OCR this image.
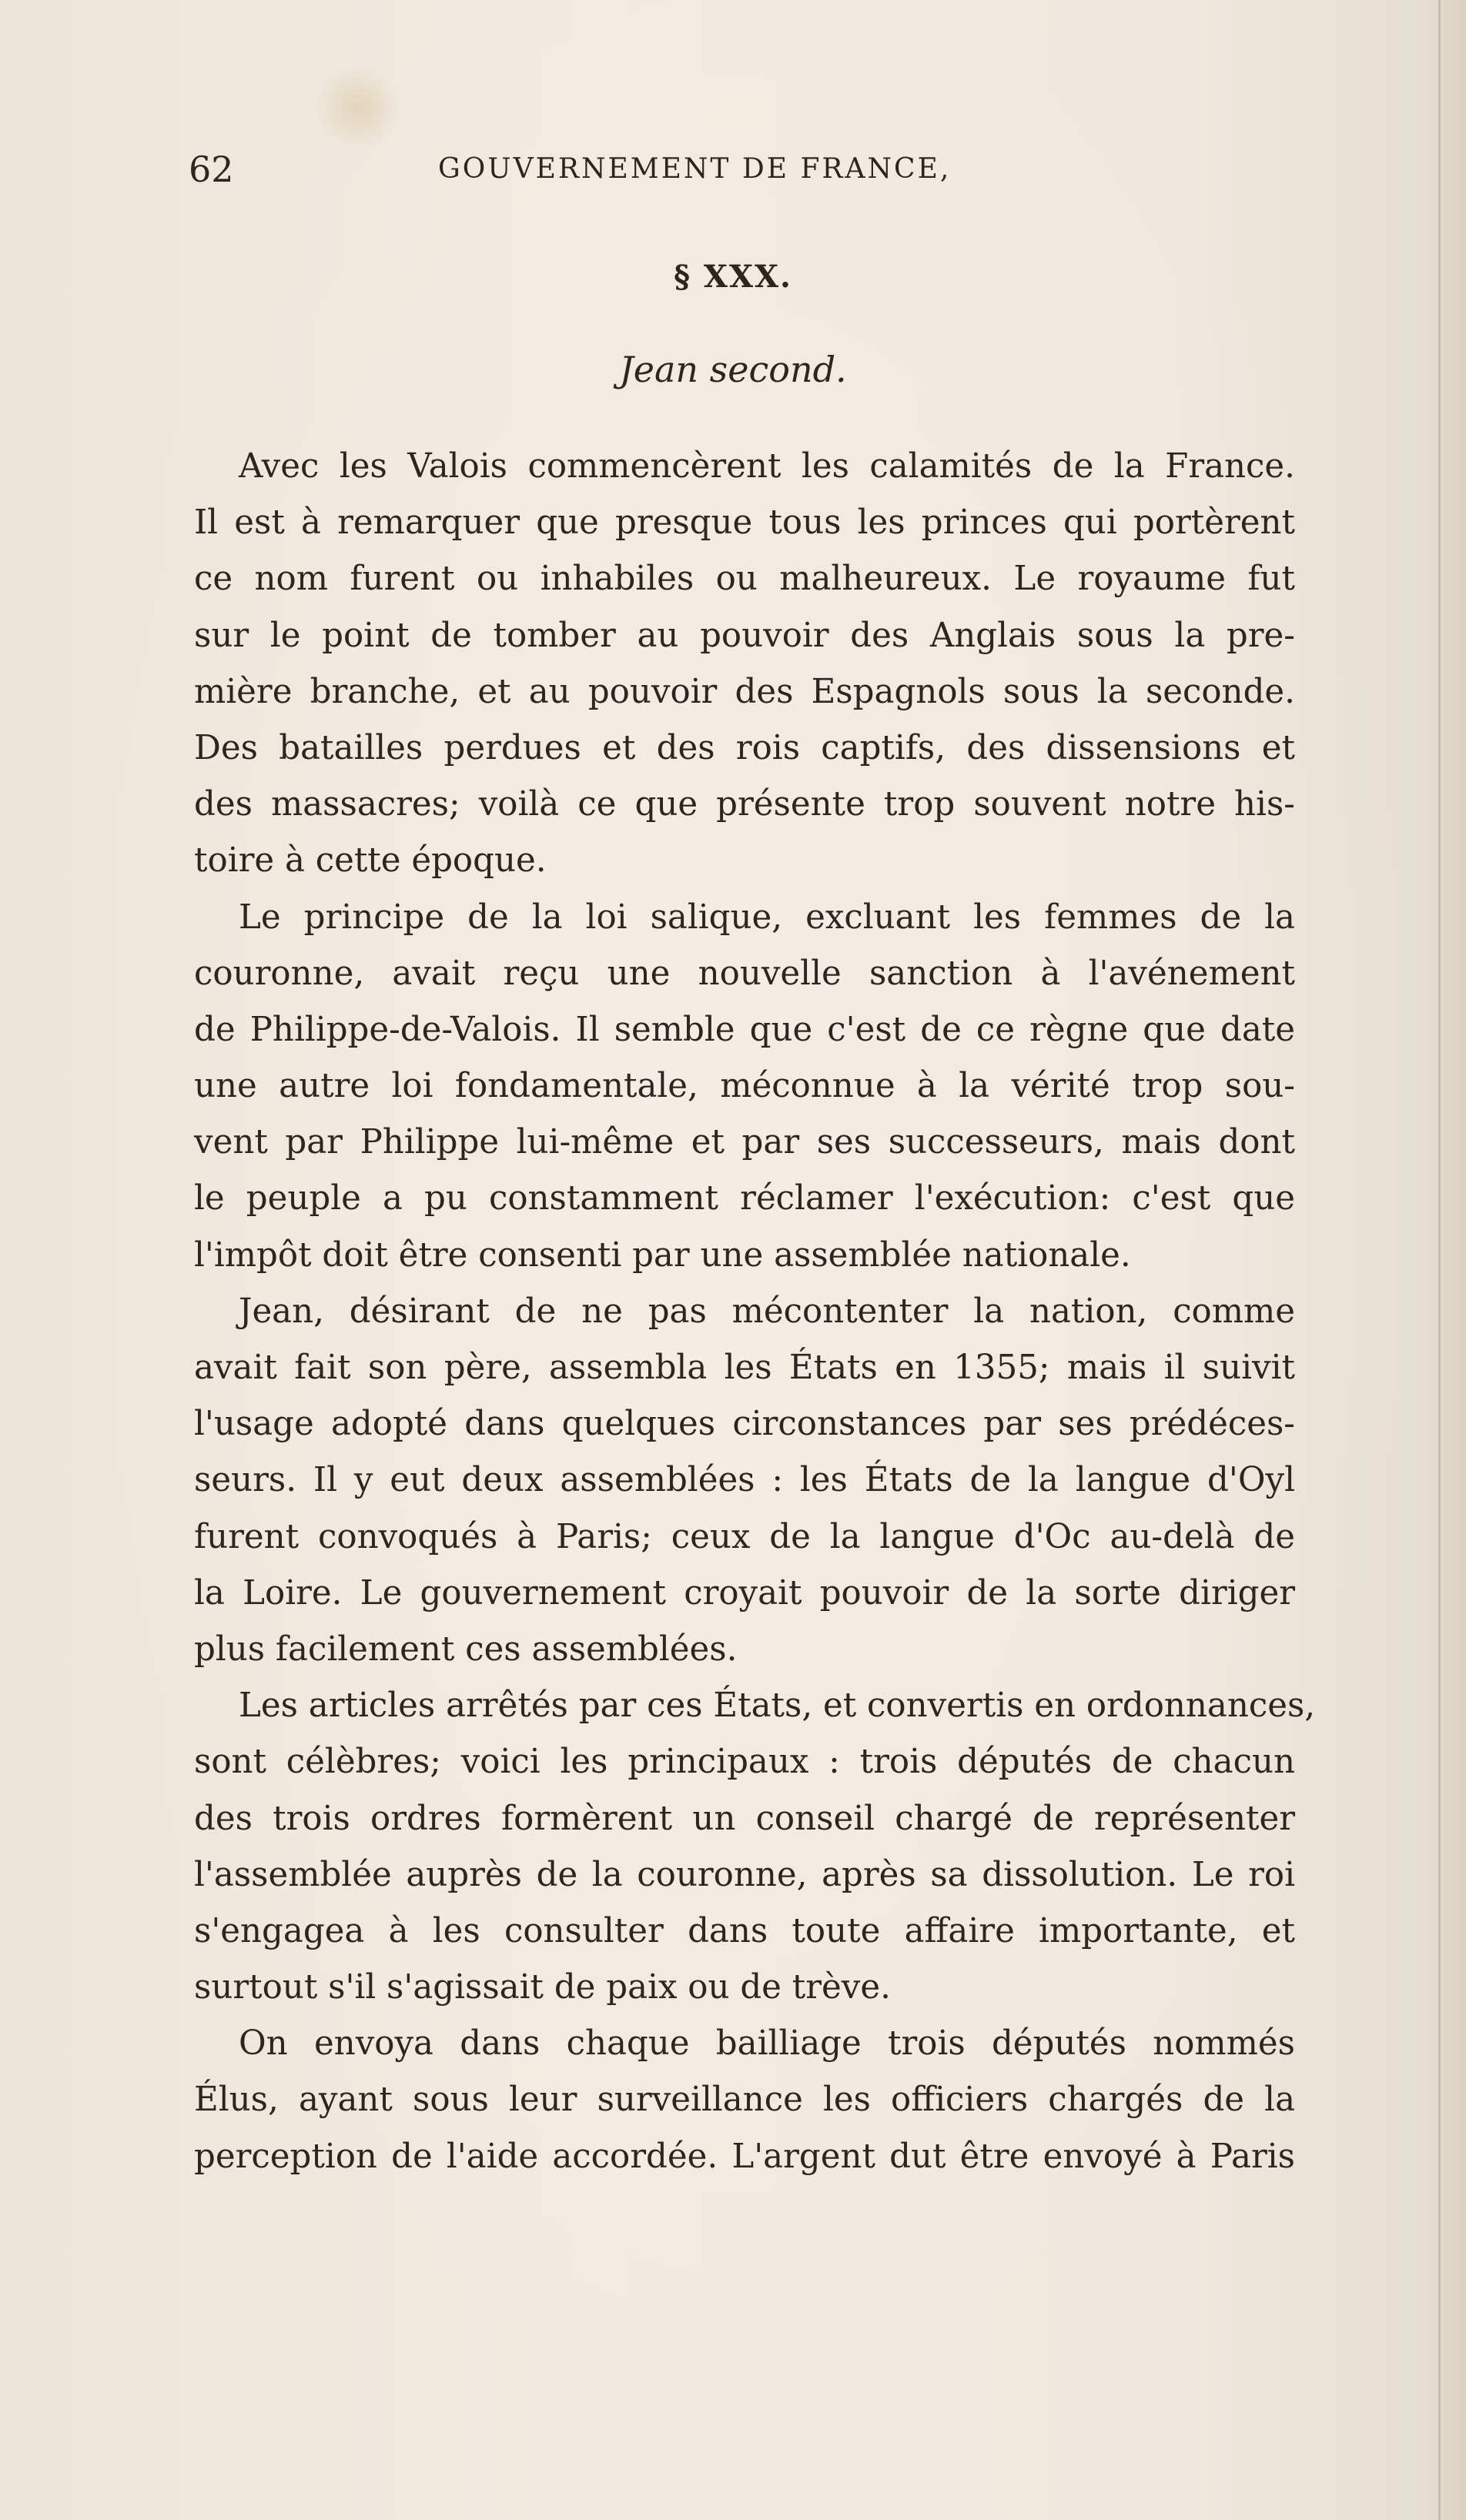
62	GOUVERNEMENT DE FRANCE,
§ XXX.
Jean second.
Avec les Valois commencèrent les calamités de la France.
Il est à remarquer que presque tous les princes qui portèrent
ce nom furent ou inhabiles ou malheureux. Le royaume fut
sur le point de tomber au pouvoir des Anglais sous la pre-
mière branche, et au pouvoir des Espagnols sous la seconde.
Des batailles perdues et des rois captifs, des dissensions et
des massacres; voilà ce que présente trop souvent notre his-
toire à cette époque.
Le principe de la loi salique, excluant les femmes de la
couronne, avait reçu une nouvelle sanction à l'avénement
de Philippe-de-Valois. Il semble que c'est de ce règne que date
une autre loi fondamentale, méconnue à la vérité trop sou-
vent par Philippe lui-même et par ses successeurs, mais dont
le peuple a pu constamment réclamer l'exécution: c'est que
l'impôt doit être consenti par une assemblée nationale.
Jean, désirant de ne pas mécontenter la nation, comme
avait fait son père, assembla les États en 1355; mais il suivit
l'usage adopté dans quelques circonstances par ses prédéces-
seurs. Il y eut deux assemblées : les États de la langue d'Oyl
furent convoqués à Paris; ceux de la langue d'Oc au-delà de
la Loire. Le gouvernement croyait pouvoir de la sorte diriger
plus facilement ces assemblées.
Les articles arrêtés par ces États, et convertis en ordonnances,
sont célèbres; voici les principaux : trois députés de chacun
des trois ordres formèrent un conseil chargé de représenter
l'assemblée auprès de la couronne, après sa dissolution. Le roi
s'engagea à les consulter dans toute affaire importante, et
surtout s'il s'agissait de paix ou de trève.
On envoya dans chaque bailliage trois députés nommés
Élus, ayant sous leur surveillance les officiers chargés de la
perception de l'aide accordée. L'argent dut être envoyé à Paris
